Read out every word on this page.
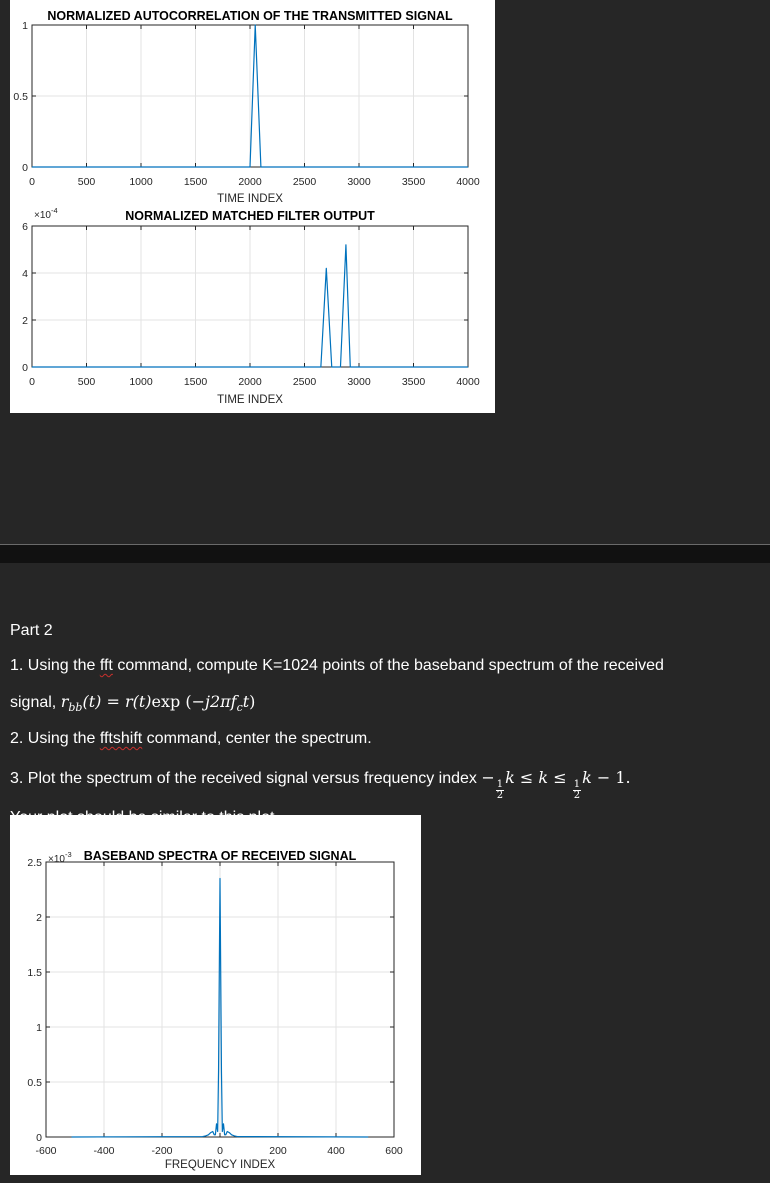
0	500	1000	1500	2000	2500	3000	3500	4000
0
0.5
1
NORMALIZED AUTOCORRELATION OF THE TRANSMITTED SIGNAL
TIME INDEX
0	500	1000	1500	2000	2500	3000	3500	4000
0
2
4
6
NORMALIZED MATCHED FILTER OUTPUT
TIME INDEX
$\times 10^{-4}$
Part 2
1. Using the fft command, compute K=1024 points of the baseband spectrum of the received
signal, $r_{bb}(t) = r(t)\exp$ $(-j2\pi f_ct)$
2. Using the fftshift command, center the spectrum.
3. Plot the spectrum of the received signal versus frequency index −
$\frac{1}{2}$
k ≤ k ≤
$\frac{1}{2}$
k − 1.
-600	-400	-200	0	200	400	600
0
0.5
1
1.5
2
2.5	BASEBAND SPECTRA OF RECEIVED SIGNAL
FREQUENCY INDEX
$\times 10^{-3}$
